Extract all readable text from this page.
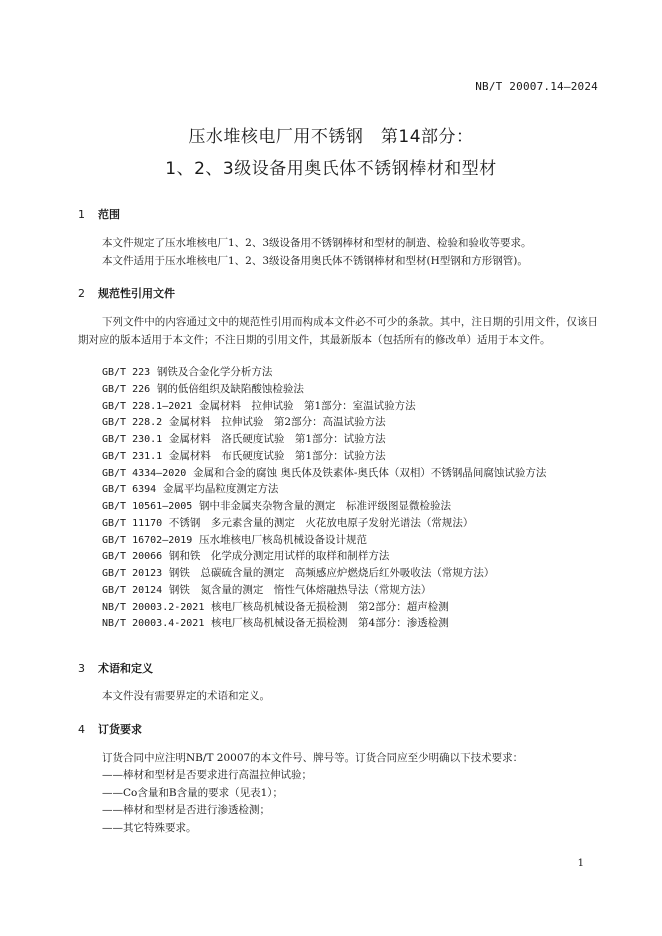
NB/T 20007.14—2024
压水堆核电厂用不锈钢　第14部分：
1、2、3级设备用奥氏体不锈钢棒材和型材
1 范围
本文件规定了压水堆核电厂1、2、3级设备用不锈钢棒材和型材的制造、检验和验收等要求。
本文件适用于压水堆核电厂1、2、3级设备用奥氏体不锈钢棒材和型材(H型钢和方形钢管)。
2 规范性引用文件
下列文件中的内容通过文中的规范性引用而构成本文件必不可少的条款。其中，注日期的引用文件，仅该日期对应的版本适用于本文件；不注日期的引用文件，其最新版本（包括所有的修改单）适用于本文件。
GB/T 223 钢铁及合金化学分析方法
GB/T 226 钢的低倍组织及缺陷酸蚀检验法
GB/T 228.1—2021 金属材料　拉伸试验　第1部分：室温试验方法
GB/T 228.2 金属材料　拉伸试验　第2部分：高温试验方法
GB/T 230.1 金属材料　洛氏硬度试验　第1部分：试验方法
GB/T 231.1 金属材料　布氏硬度试验　第1部分：试验方法
GB/T 4334—2020 金属和合金的腐蚀 奥氏体及铁素体-奥氏体（双相）不锈钢晶间腐蚀试验方法
GB/T 6394 金属平均晶粒度测定方法
GB/T 10561—2005 钢中非金属夹杂物含量的测定　标准评级图显微检验法
GB/T 11170 不锈钢　多元素含量的测定　火花放电原子发射光谱法（常规法）
GB/T 16702—2019 压水堆核电厂核岛机械设备设计规范
GB/T 20066 钢和铁　化学成分测定用试样的取样和制样方法
GB/T 20123 钢铁　总碳硫含量的测定　高频感应炉燃烧后红外吸收法（常规方法）
GB/T 20124 钢铁　氮含量的测定　惰性气体熔融热导法（常规方法）
NB/T 20003.2-2021 核电厂核岛机械设备无损检测　第2部分：超声检测
NB/T 20003.4-2021 核电厂核岛机械设备无损检测　第4部分：渗透检测
3 术语和定义
本文件没有需要界定的术语和定义。
4 订货要求
订货合同中应注明NB/T 20007的本文件号、牌号等。订货合同应至少明确以下技术要求：
——棒材和型材是否要求进行高温拉伸试验；
——Co含量和B含量的要求（见表1）；
——棒材和型材是否进行渗透检测；
——其它特殊要求。
1
